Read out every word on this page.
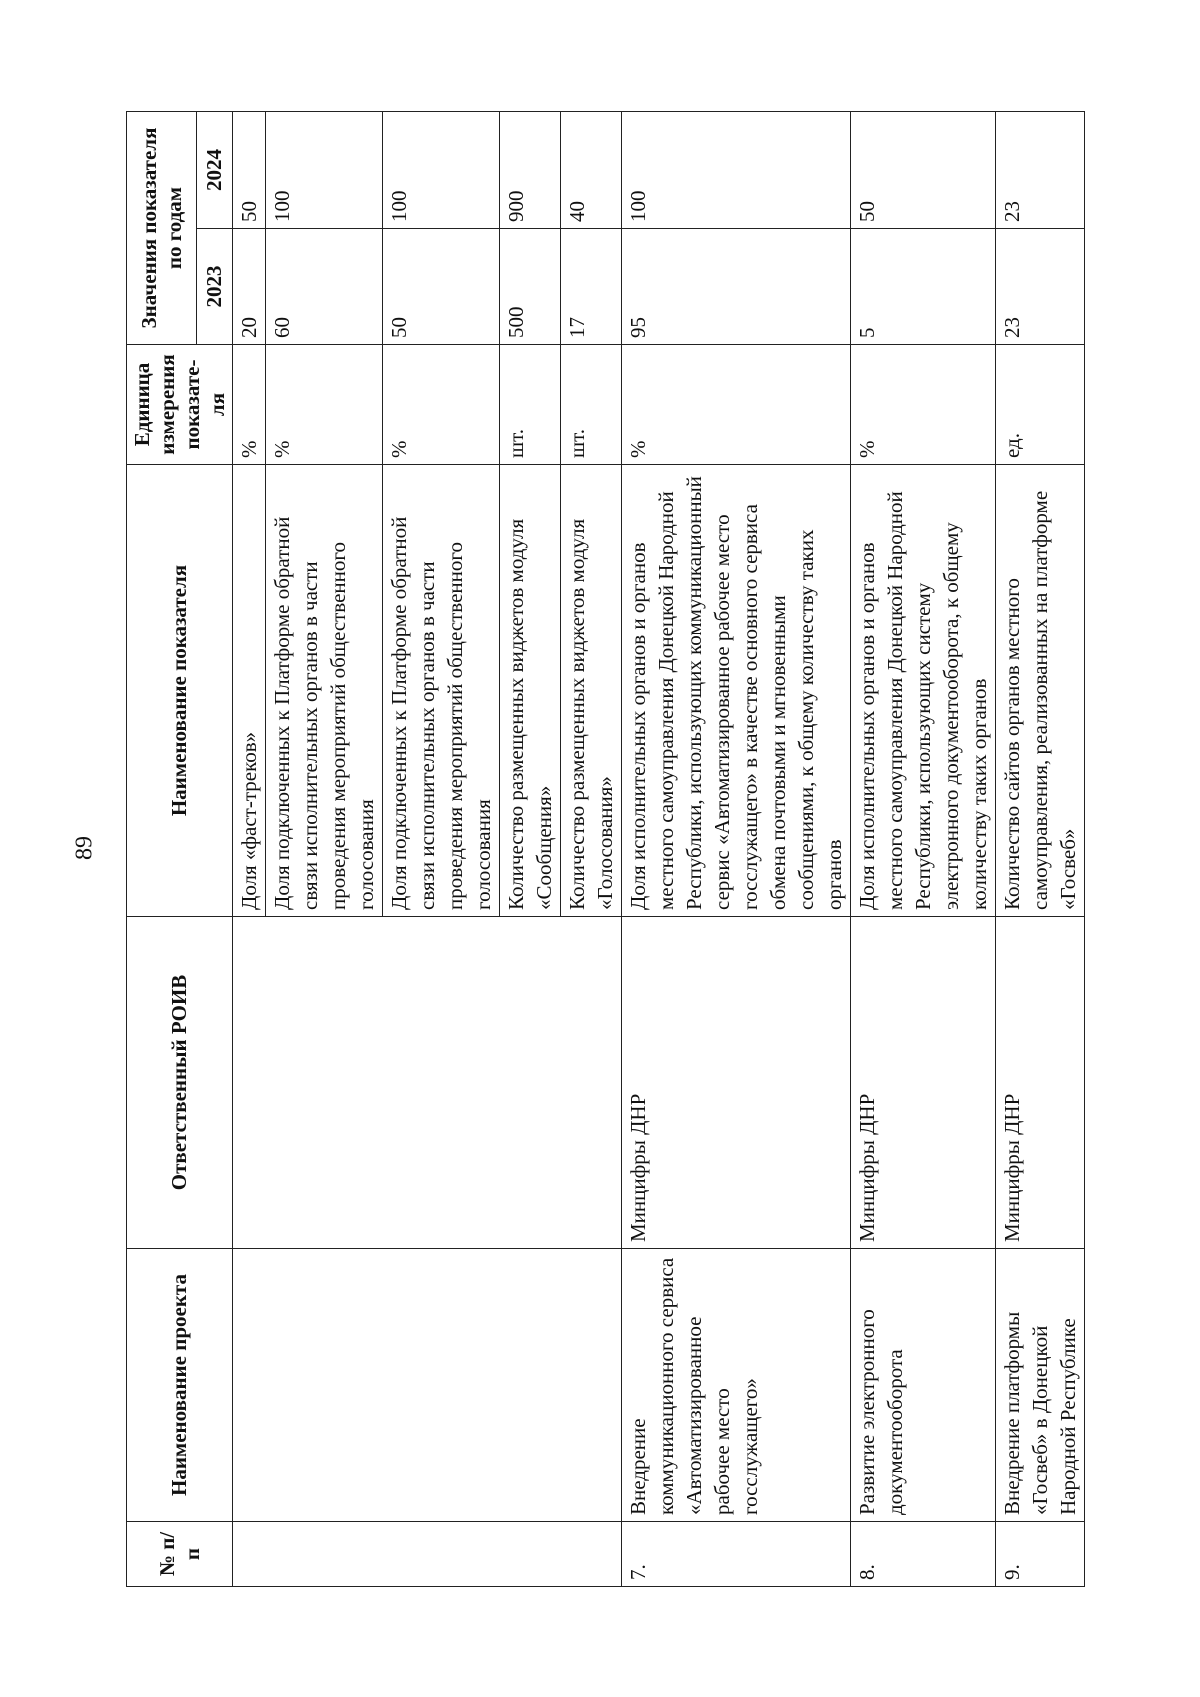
89
№ п/п	Наименование проекта	Ответственный РОИВ	Наименование показателя	Единица измерения показате-ля	Значения показателя по годам	
					2023	2024
			Доля «фаст-треков»	%	20	50
			Доля подключенных к Платформе обратной связи исполнительных органов в части проведения мероприятий общественного голосования	%	60	100
			Доля подключенных к Платформе обратной связи исполнительных органов в части проведения мероприятий общественного голосования	%	50	100
			Количество размещенных виджетов модуля «Сообщения»	шт.	500	900
			Количество размещенных виджетов модуля «Голосования»	шт.	17	40
7.	Внедрение коммуникационного сервиса «Автоматизированное рабочее место госслужащего»	Минцифры ДНР	Доля исполнительных органов и органов местного самоуправления Донецкой Народной Республики, использующих коммуникационный сервис «Автоматизированное рабочее место госслужащего» в качестве основного сервиса обмена почтовыми и мгновенными сообщениями, к общему количеству таких органов	%	95	100
8.	Развитие электронного документооборота	Минцифры ДНР	Доля исполнительных органов и органов местного самоуправления Донецкой Народной Республики, использующих систему электронного документооборота, к общему количеству таких органов	%	5	50
9.	Внедрение платформы «Госвеб» в Донецкой Народной Республике	Минцифры ДНР	Количество сайтов органов местного самоуправления, реализованных на платформе «Госвеб»	ед.	23	23
